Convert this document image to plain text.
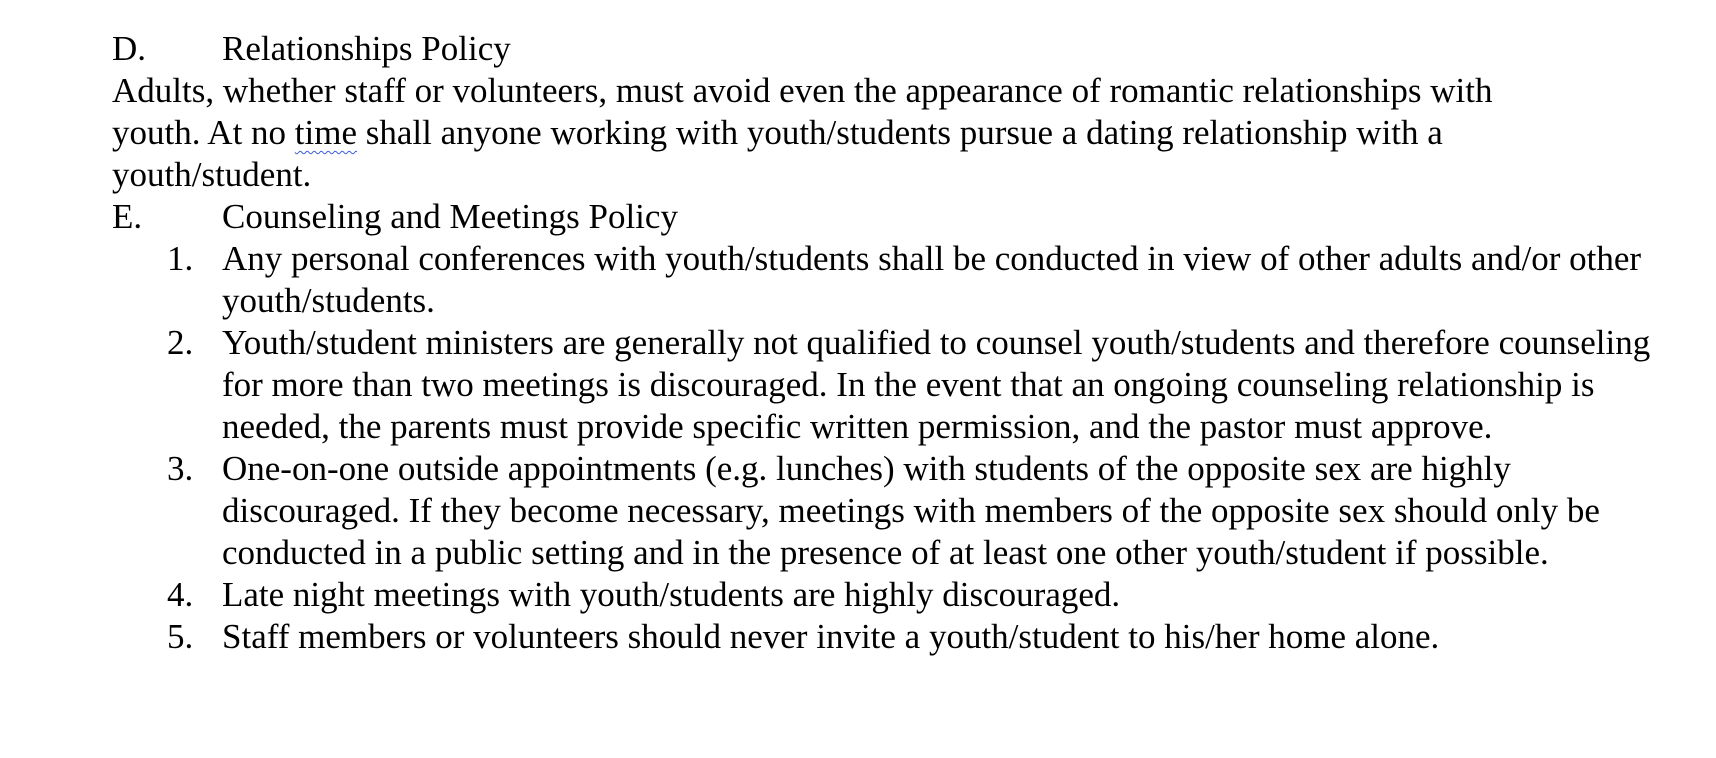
D. Relationships Policy

Adults, whether staff or volunteers, must avoid even the appearance of romantic relationships with youth. At no time shall anyone working with youth/students pursue a dating relationship with a youth/student.

E. Counseling and Meetings Policy
1. Any personal conferences with youth/students shall be conducted in view of other adults and/or other youth/students.
2. Youth/student ministers are generally not qualified to counsel youth/students and therefore counseling for more than two meetings is discouraged. In the event that an ongoing counseling relationship is needed, the parents must provide specific written permission, and the pastor must approve.
3. One-on-one outside appointments (e.g. lunches) with students of the opposite sex are highly discouraged. If they become necessary, meetings with members of the opposite sex should only be conducted in a public setting and in the presence of at least one other youth/student if possible.
4. Late night meetings with youth/students are highly discouraged.
5. Staff members or volunteers should never invite a youth/student to his/her home alone.
